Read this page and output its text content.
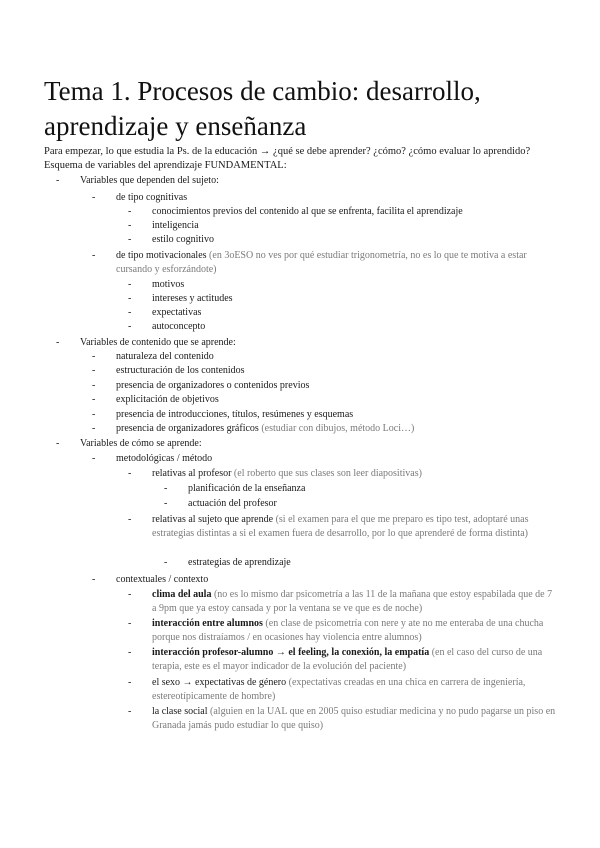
Tema 1. Procesos de cambio: desarrollo, aprendizaje y enseñanza

Para empezar, lo que estudia la Ps. de la educación → ¿qué se debe aprender? ¿cómo? ¿cómo evaluar lo aprendido?

Esquema de variables del aprendizaje FUNDAMENTAL:

- Variables que dependen del sujeto:
- de tipo cognitivas
- conocimientos previos del contenido al que se enfrenta, facilita el aprendizaje
- inteligencia
- estilo cognitivo
- de tipo motivacionales (en 3oESO no ves por qué estudiar trigonometría, no es lo que te motiva a estar cursando y esforzándote)
- motivos
- intereses y actitudes
- expectativas
- autoconcepto
- Variables de contenido que se aprende:
- naturaleza del contenido
- estructuración de los contenidos
- presencia de organizadores o contenidos previos
- explicitación de objetivos
- presencia de introducciones, títulos, resúmenes y esquemas
- presencia de organizadores gráficos (estudiar con dibujos, método Loci…)
- Variables de cómo se aprende:
- metodológicas / método
- relativas al profesor (el roberto que sus clases son leer diapositivas)
- planificación de la enseñanza
- actuación del profesor
- relativas al sujeto que aprende (si el examen para el que me preparo es tipo test, adoptaré unas estrategias distintas a si el examen fuera de desarrollo, por lo que aprenderé de forma distinta)
- estrategias de aprendizaje
- contextuales / contexto
- clima del aula (no es lo mismo dar psicometría a las 11 de la mañana que estoy espabilada que de 7 a 9pm que ya estoy cansada y por la ventana se ve que es de noche)
- interacción entre alumnos (en clase de psicometría con nere y ate no me enteraba de una chucha porque nos distraíamos / en ocasiones hay violencia entre alumnos)
- interacción profesor-alumno → el feeling, la conexión, la empatía (en el caso del curso de una terapia, este es el mayor indicador de la evolución del paciente)
- el sexo → expectativas de género (expectativas creadas en una chica en carrera de ingeniería, estereotípicamente de hombre)
- la clase social (alguien en la UAL que en 2005 quiso estudiar medicina y no pudo pagarse un piso en Granada jamás pudo estudiar lo que quiso)
